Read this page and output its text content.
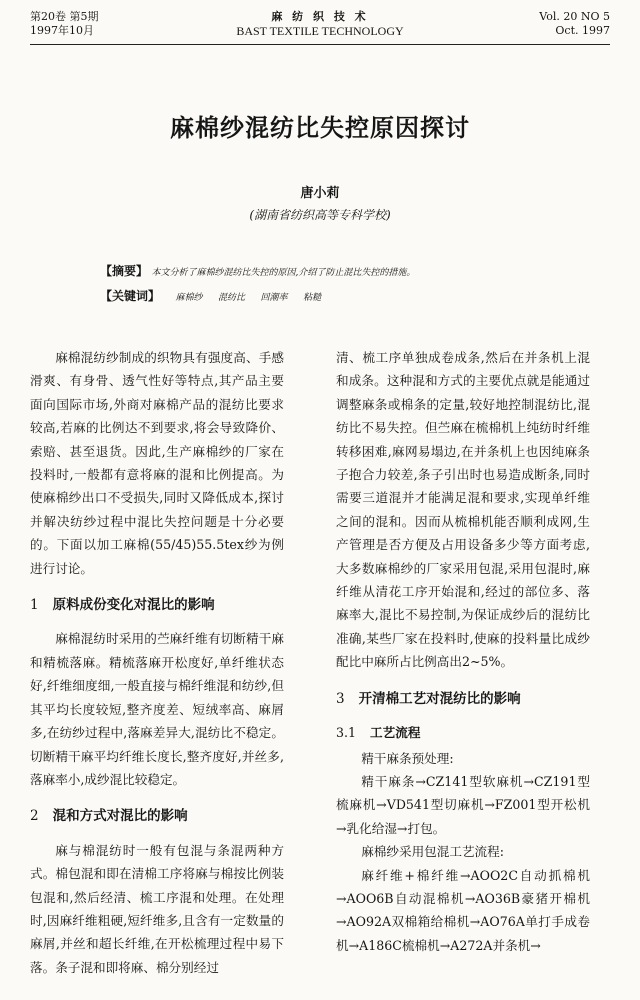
第20卷 第5期
1997年10月
麻 纺 织 技 术
BAST TEXTILE TECHNOLOGY
Vol. 20 NO 5
Oct. 1997
麻棉纱混纺比失控原因探讨
唐小莉
(湖南省纺织高等专科学校)
【摘要】 本文分析了麻棉纱混纺比失控的原因,介绍了防止混比失控的措施。
【关键词】 麻棉纱 混纺比 回潮率 粘糙

麻棉混纺纱制成的织物具有强度高、手感滑爽、有身骨、透气性好等特点,其产品主要面向国际市场,外商对麻棉产品的混纺比要求较高,若麻的比例达不到要求,将会导致降价、索赔、甚至退货。因此,生产麻棉纱的厂家在投料时,一般都有意将麻的混和比例提高。为使麻棉纱出口不受损失,同时又降低成本,探讨并解决纺纱过程中混比失控问题是十分必要的。下面以加工麻棉(55/45)55.5tex纱为例进行讨论。

1 原料成份变化对混比的影响

麻棉混纺时采用的苎麻纤维有切断精干麻和精梳落麻。精梳落麻开松度好,单纤维状态好,纤维细度细,一般直接与棉纤维混和纺纱,但其平均长度较短,整齐度差、短绒率高、麻屑多,在纺纱过程中,落麻差异大,混纺比不稳定。切断精干麻平均纤维长度长,整齐度好,并丝多,落麻率小,成纱混比较稳定。

2 混和方式对混比的影响

麻与棉混纺时一般有包混与条混两种方式。棉包混和即在清棉工序将麻与棉按比例装包混和,然后经清、梳工序混和处理。在处理时,因麻纤维粗硬,短纤维多,且含有一定数量的麻屑,并丝和超长纤维,在开松梳理过程中易下落。条子混和即将麻、棉分别经过

清、梳工序单独成卷成条,然后在并条机上混和成条。这种混和方式的主要优点就是能通过调整麻条或棉条的定量,较好地控制混纺比,混纺比不易失控。但苎麻在梳棉机上纯纺时纤维转移困难,麻网易塌边,在并条机上也因纯麻条子抱合力较差,条子引出时也易造成断条,同时需要三道混并才能满足混和要求,实现单纤维之间的混和。因而从梳棉机能否顺利成网,生产管理是否方便及占用设备多少等方面考虑,大多数麻棉纱的厂家采用包混,采用包混时,麻纤维从清花工序开始混和,经过的部位多、落麻率大,混比不易控制,为保证成纱后的混纺比准确,某些厂家在投料时,使麻的投料量比成纱配比中麻所占比例高出2~5%。

3 开清棉工艺对混纺比的影响
3.1 工艺流程

精干麻条预处理:

精干麻条→CZ141型软麻机→CZ191型梳麻机→VD541型切麻机→FZ001型开松机→乳化给湿→打包。

麻棉纱采用包混工艺流程:

麻纤维+棉纤维→AOO2C自动抓棉机→AOO6B自动混棉机→AO36B豪猪开棉机→AO92A双棉箱给棉机→AO76A单打手成卷机→A186C梳棉机→A272A并条机→
